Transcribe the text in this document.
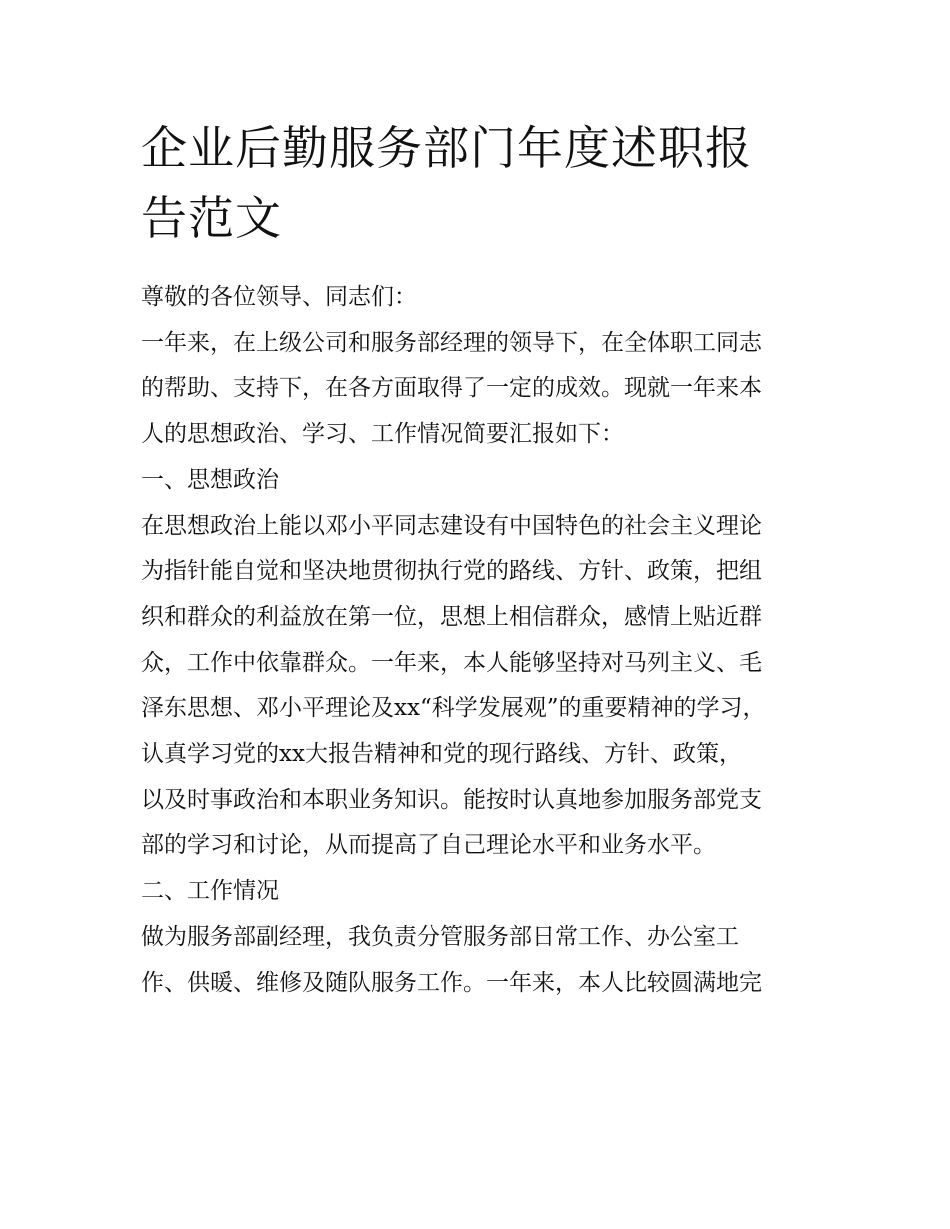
企业后勤服务部门年度述职报
告范文

尊敬的各位领导、同志们：

一年来，在上级公司和服务部经理的领导下，在全体职工同志
的帮助、支持下，在各方面取得了一定的成效。现就一年来本
人的思想政治、学习、工作情况简要汇报如下：

一、思想政治

在思想政治上能以邓小平同志建设有中国特色的社会主义理论
为指针能自觉和坚决地贯彻执行党的路线、方针、政策，把组
织和群众的利益放在第一位，思想上相信群众，感情上贴近群
众，工作中依靠群众。一年来，本人能够坚持对马列主义、毛
泽东思想、邓小平理论及xx“科学发展观”的重要精神的学习，
认真学习党的xx大报告精神和党的现行路线、方针、政策，
以及时事政治和本职业务知识。能按时认真地参加服务部党支
部的学习和讨论，从而提高了自己理论水平和业务水平。

二、工作情况

做为服务部副经理，我负责分管服务部日常工作、办公室工
作、供暖、维修及随队服务工作。一年来，本人比较圆满地完
